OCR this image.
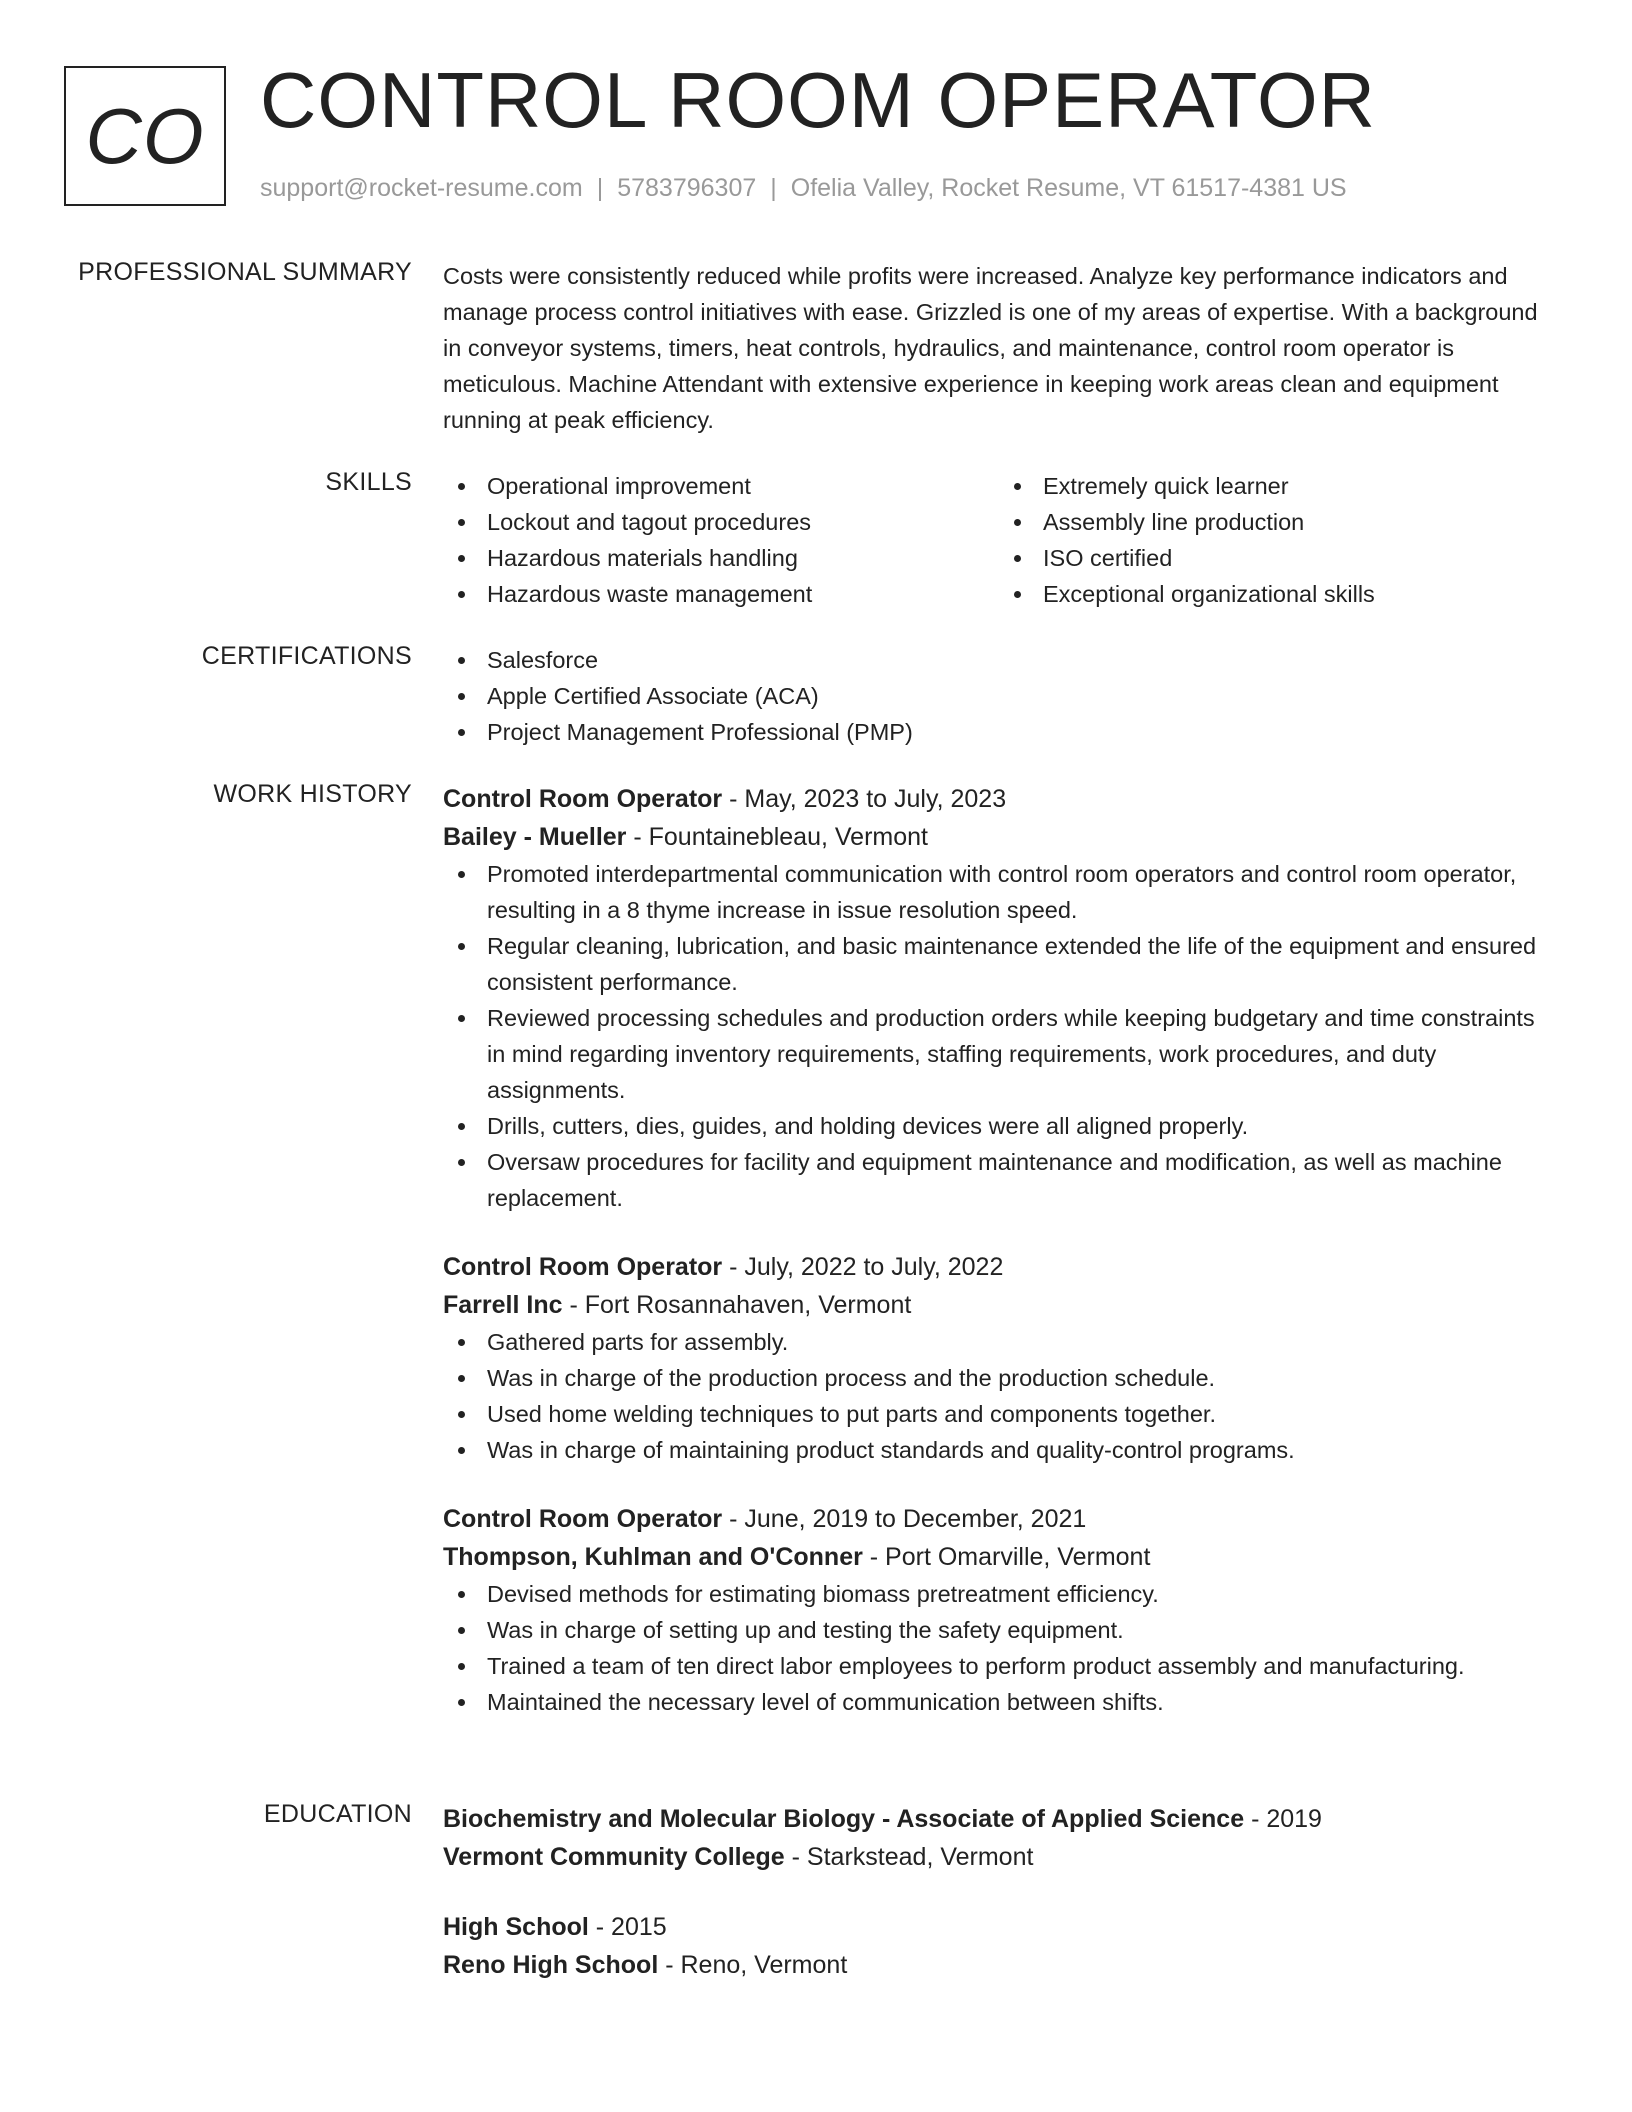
CO CONTROL ROOM OPERATOR
support@rocket-resume.com | 5783796307 | Ofelia Valley, Rocket Resume, VT 61517-4381 US
PROFESSIONAL SUMMARY Costs were consistently reduced while profits were increased. Analyze key performance indicators and manage process control initiatives with ease. Grizzled is one of my areas of expertise. With a background in conveyor systems, timers, heat controls, hydraulics, and maintenance, control room operator is meticulous. Machine Attendant with extensive experience in keeping work areas clean and equipment running at peak efficiency.

SKILLS	Operational improvement
Lockout and tagout procedures
Hazardous materials handling
Hazardous waste management
Extremely quick learner
Assembly line production
ISO certified
Exceptional organizational skills
CERTIFICATIONS	Salesforce
Apple Certified Associate (ACA)
Project Management Professional (PMP)
WORK HISTORY Control Room Operator - May, 2023 to July, 2023
Bailey - Mueller - Fountainebleau, Vermont
Promoted interdepartmental communication with control room operators and control room operator, resulting in a 8 thyme increase in issue resolution speed.
Regular cleaning, lubrication, and basic maintenance extended the life of the equipment and ensured consistent performance.
Reviewed processing schedules and production orders while keeping budgetary and time constraints in mind regarding inventory requirements, staffing requirements, work procedures, and duty assignments.
Drills, cutters, dies, guides, and holding devices were all aligned properly.
Oversaw procedures for facility and equipment maintenance and modification, as well as machine replacement.
Control Room Operator - July, 2022 to July, 2022
Farrell Inc - Fort Rosannahaven, Vermont
Gathered parts for assembly.
Was in charge of the production process and the production schedule.
Used home welding techniques to put parts and components together.
Was in charge of maintaining product standards and quality-control programs.
Control Room Operator - June, 2019 to December, 2021
Thompson, Kuhlman and O'Conner - Port Omarville, Vermont
Devised methods for estimating biomass pretreatment efficiency.
Was in charge of setting up and testing the safety equipment.
Trained a team of ten direct labor employees to perform product assembly and manufacturing.
Maintained the necessary level of communication between shifts.
EDUCATION Biochemistry and Molecular Biology - Associate of Applied Science - 2019
Vermont Community College - Starkstead, Vermont
High School - 2015
Reno High School - Reno, Vermont
